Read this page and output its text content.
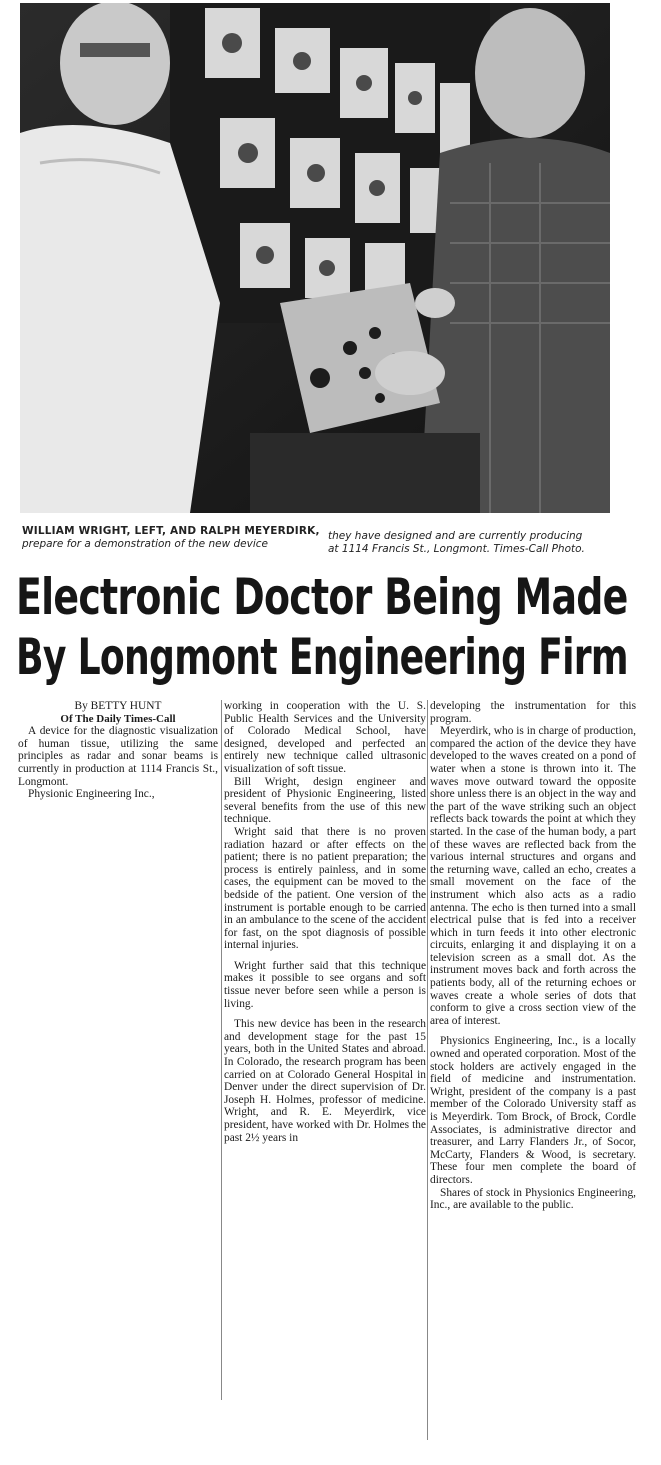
WILLIAM WRIGHT, LEFT, AND RALPH MEYERDIRK,
prepare for a demonstration of the new device
they have designed and are currently producing
at 1114 Francis St., Longmont. Times-Call Photo.
Electronic Doctor Being Made
By Longmont Engineering Firm
By BETTY HUNT
Of The Daily Times-Call

A device for the diagnostic visualization of human tissue, utilizing the same principles as radar and sonar beams is currently in production at 1114 Francis St., Longmont.

Physionic Engineering Inc.,

working in cooperation with the U. S. Public Health Services and the University of Colorado Medical School, have designed, developed and perfected an entirely new technique called ultrasonic visualization of soft tissue.

Bill Wright, design engineer and president of Physionic Engineering, listed several benefits from the use of this new technique.

Wright said that there is no proven radiation hazard or after effects on the patient; there is no patient preparation; the process is entirely painless, and in some cases, the equipment can be moved to the bedside of the patient. One version of the instrument is portable enough to be carried in an ambulance to the scene of the accident for fast, on the spot diagnosis of possible internal injuries.

Wright further said that this technique makes it possible to see organs and soft tissue never before seen while a person is living.

This new device has been in the research and development stage for the past 15 years, both in the United States and abroad. In Colorado, the research program has been carried on at Colorado General Hospital in Denver under the direct supervision of Dr. Joseph H. Holmes, professor of medicine. Wright, and R. E. Meyerdirk, vice president, have worked with Dr. Holmes the past 2½ years in

developing the instrumentation for this program.

Meyerdirk, who is in charge of production, compared the action of the device they have developed to the waves created on a pond of water when a stone is thrown into it. The waves move outward toward the opposite shore unless there is an object in the way and the part of the wave striking such an object reflects back towards the point at which they started. In the case of the human body, a part of these waves are reflected back from the various internal structures and organs and the returning wave, called an echo, creates a small movement on the face of the instrument which also acts as a radio antenna. The echo is then turned into a small electrical pulse that is fed into a receiver which in turn feeds it into other electronic circuits, enlarging it and displaying it on a television screen as a small dot. As the instrument moves back and forth across the patients body, all of the returning echoes or waves create a whole series of dots that conform to give a cross section view of the area of interest.

Physionics Engineering, Inc., is a locally owned and operated corporation. Most of the stock holders are actively engaged in the field of medicine and instrumentation. Wright, president of the company is a past member of the Colorado University staff as is Meyerdirk. Tom Brock, of Brock, Cordle Associates, is administrative director and treasurer, and Larry Flanders Jr., of Socor, McCarty, Flanders & Wood, is secretary. These four men complete the board of directors.

Shares of stock in Physionics Engineering, Inc., are available to the public.
